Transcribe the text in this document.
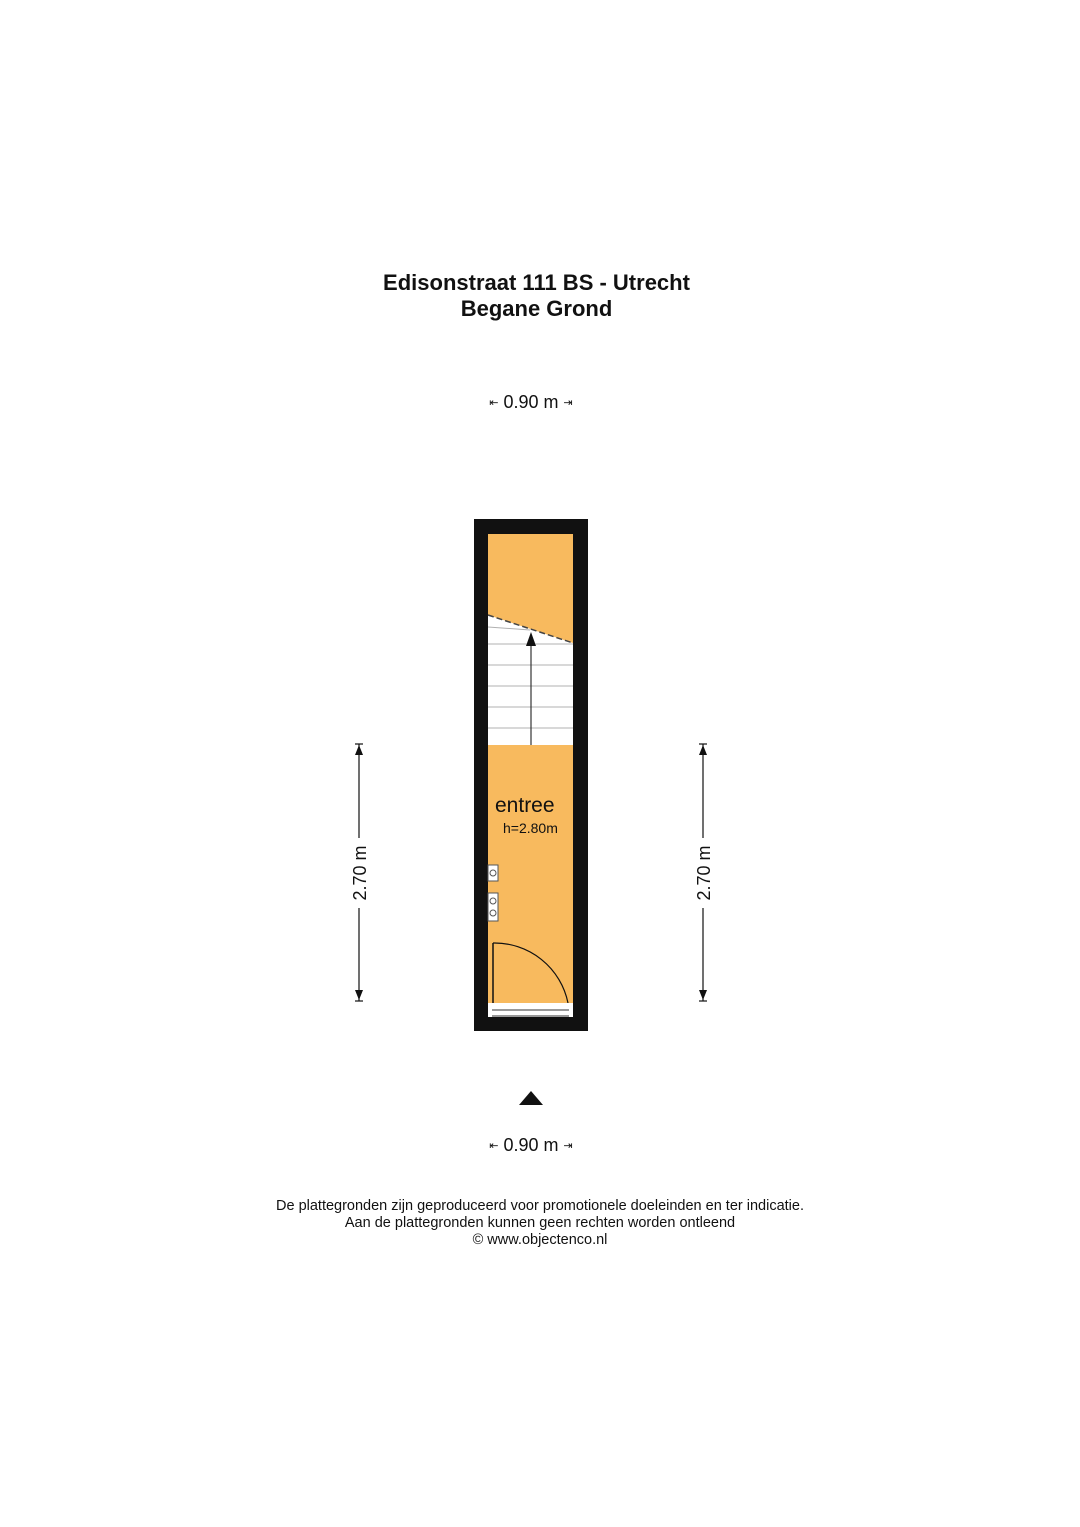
Edisonstraat 111 BS - Utrecht
Begane Grond
⇤ 0.90 m ⇥
entree
h=2.80m
2.70 m	2.70 m
⇤ 0.90 m ⇥
De plattegronden zijn geproduceerd voor promotionele doeleinden en ter indicatie.
Aan de plattegronden kunnen geen rechten worden ontleend
© www.objectenco.nl
